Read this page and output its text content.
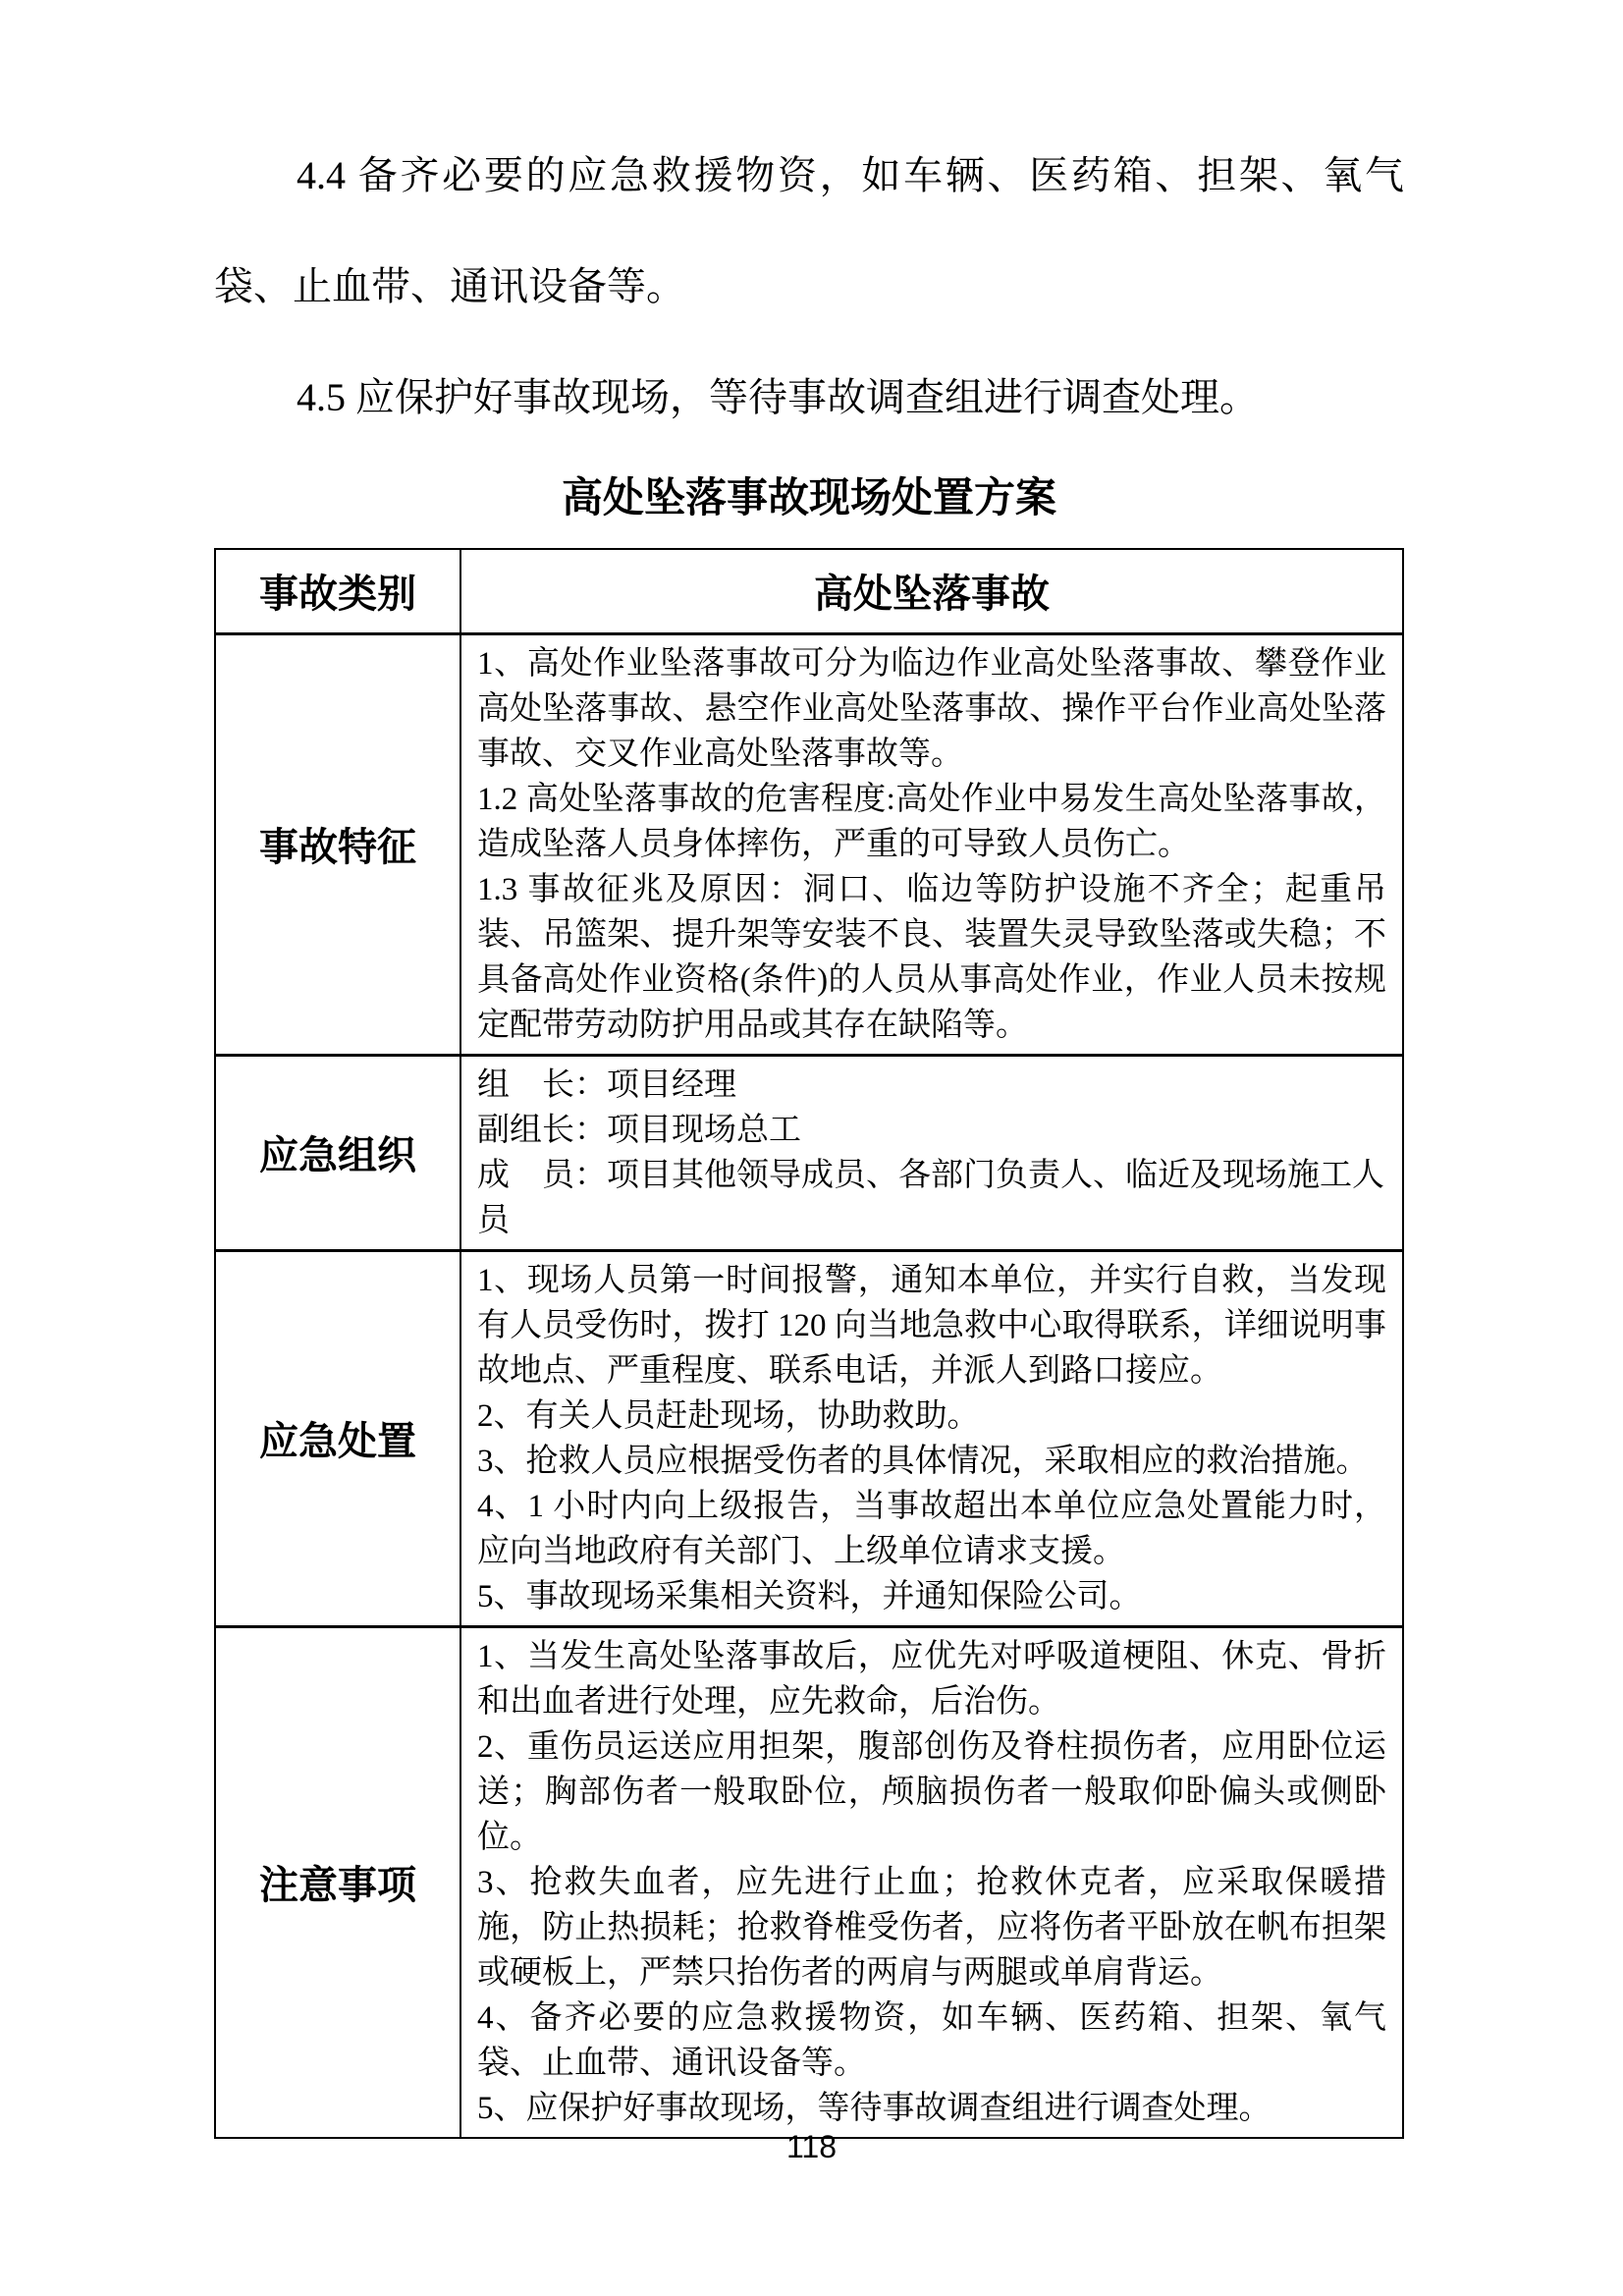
4.4 备齐必要的应急救援物资，如车辆、医药箱、担架、氧气袋、止血带、通讯设备等。

4.5 应保护好事故现场，等待事故调查组进行调查处理。

高处坠落事故现场处置方案

事故类别	高处坠落事故
事故特征	1、高处作业坠落事故可分为临边作业高处坠落事故、攀登作业高处坠落事故、悬空作业高处坠落事故、操作平台作业高处坠落事故、交叉作业高处坠落事故等。
1.2 高处坠落事故的危害程度:高处作业中易发生高处坠落事故，造成坠落人员身体摔伤，严重的可导致人员伤亡。
1.3 事故征兆及原因：洞口、临边等防护设施不齐全；起重吊装、吊篮架、提升架等安装不良、装置失灵导致坠落或失稳；不具备高处作业资格(条件)的人员从事高处作业，作业人员未按规定配带劳动防护用品或其存在缺陷等。

应急组织	组　长：项目经理
副组长：项目现场总工
成　员：项目其他领导成员、各部门负责人、临近及现场施工人员

应急处置	1、现场人员第一时间报警，通知本单位，并实行自救，当发现有人员受伤时，拨打 120 向当地急救中心取得联系，详细说明事故地点、严重程度、联系电话，并派人到路口接应。
2、有关人员赶赴现场，协助救助。
3、抢救人员应根据受伤者的具体情况，采取相应的救治措施。
4、1 小时内向上级报告，当事故超出本单位应急处置能力时，应向当地政府有关部门、上级单位请求支援。
5、事故现场采集相关资料，并通知保险公司。

注意事项	1、当发生高处坠落事故后，应优先对呼吸道梗阻、休克、骨折和出血者进行处理，应先救命，后治伤。
2、重伤员运送应用担架，腹部创伤及脊柱损伤者，应用卧位运送；胸部伤者一般取卧位，颅脑损伤者一般取仰卧偏头或侧卧位。
3、抢救失血者，应先进行止血；抢救休克者，应采取保暖措施，防止热损耗；抢救脊椎受伤者，应将伤者平卧放在帆布担架或硬板上，严禁只抬伤者的两肩与两腿或单肩背运。
4、备齐必要的应急救援物资，如车辆、医药箱、担架、氧气袋、止血带、通讯设备等。
5、应保护好事故现场，等待事故调查组进行调查处理。
118
